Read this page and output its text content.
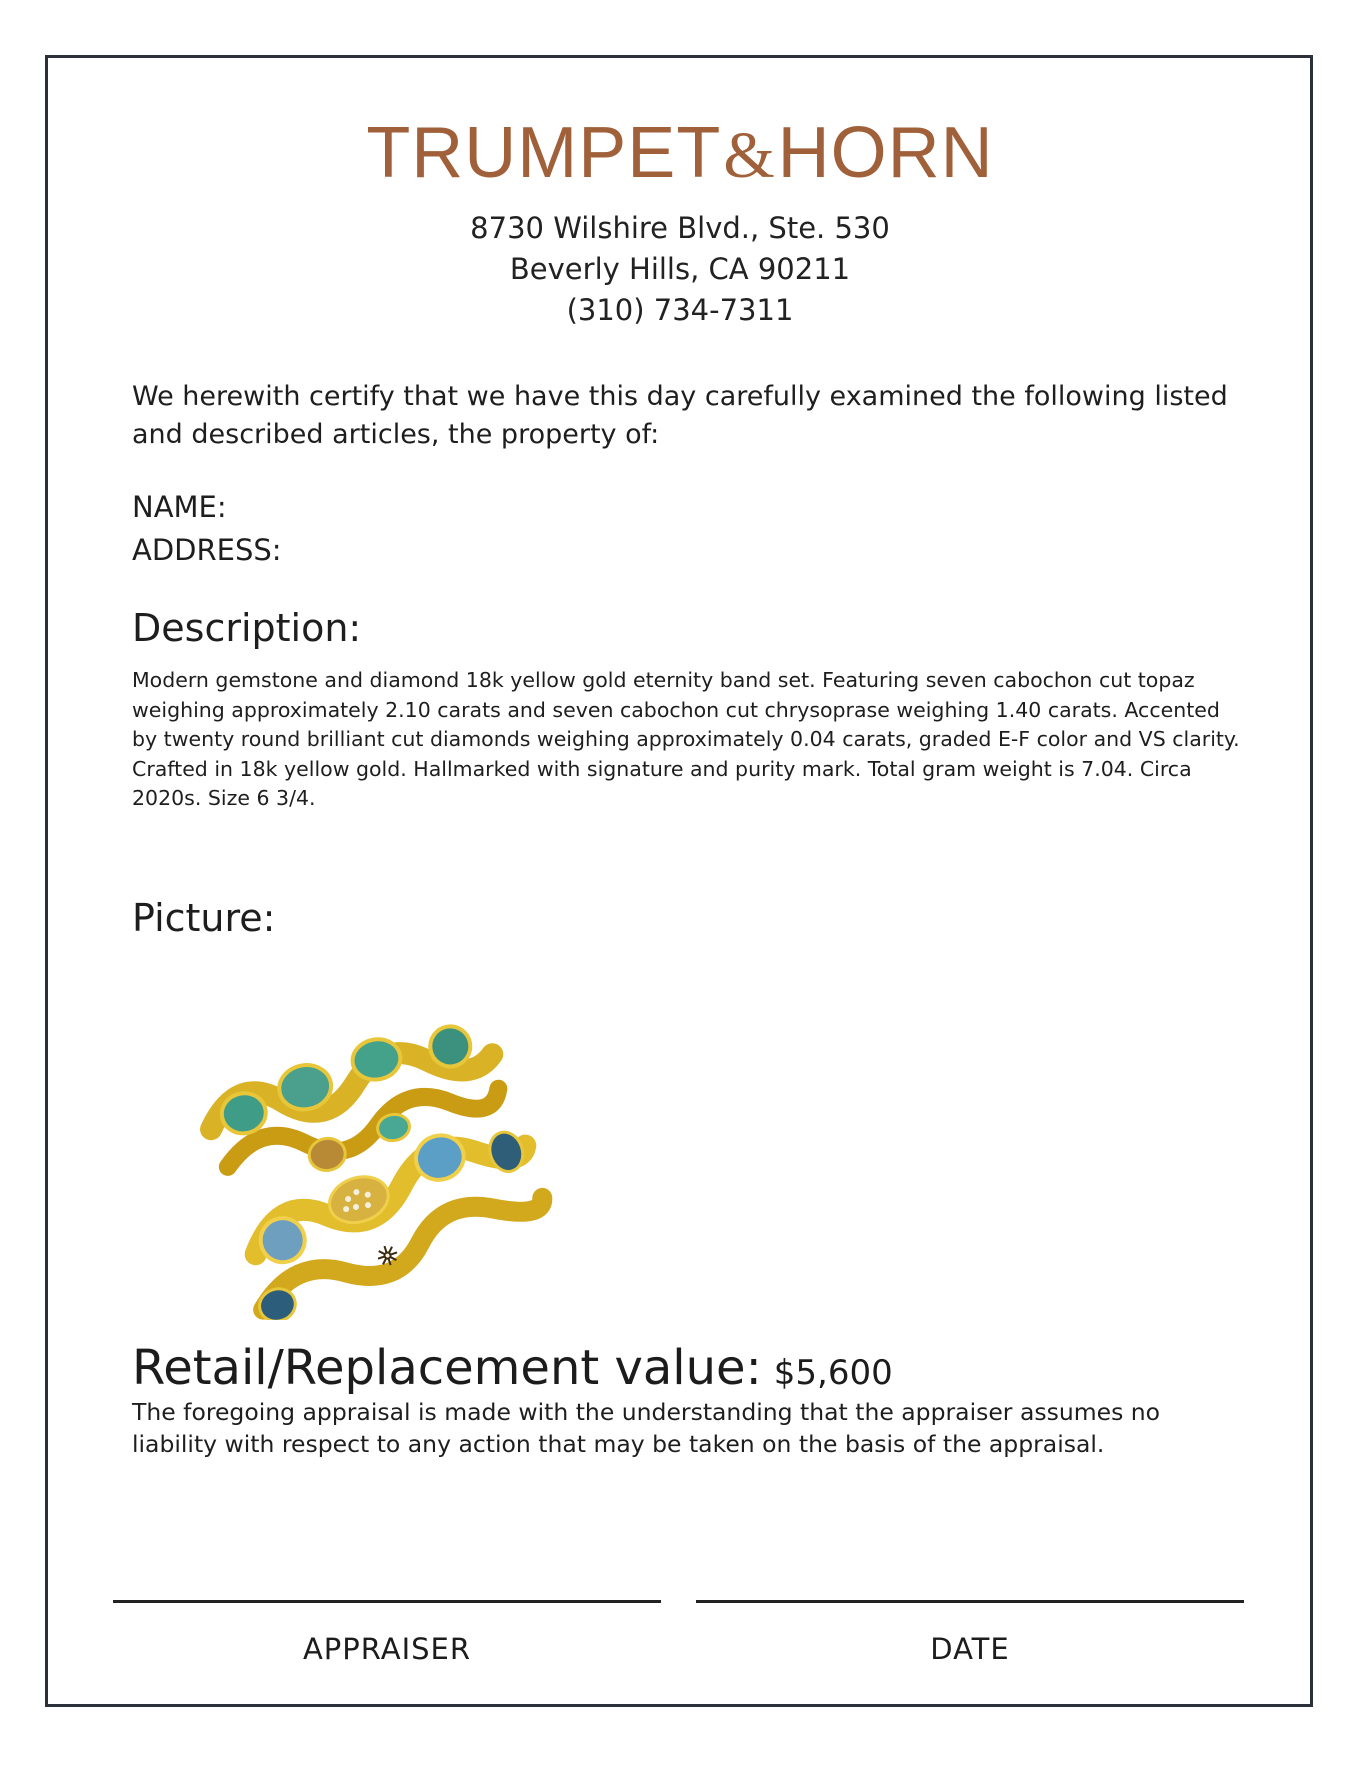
TRUMPET&HORN
8730 Wilshire Blvd., Ste. 530
Beverly Hills, CA 90211
(310) 734-7311
We herewith certify that we have this day carefully examined the following listed and described articles, the property of:
NAME:
ADDRESS:
Description:
Modern gemstone and diamond 18k yellow gold eternity band set. Featuring seven cabochon cut topaz weighing approximately 2.10 carats and seven cabochon cut chrysoprase weighing 1.40 carats. Accented by twenty round brilliant cut diamonds weighing approximately 0.04 carats, graded E-F color and VS clarity. Crafted in 18k yellow gold. Hallmarked with signature and purity mark. Total gram weight is 7.04. Circa 2020s. Size 6 3/4.
Picture:
Retail/Replacement value: $5,600
The foregoing appraisal is made with the understanding that the appraiser assumes no liability with respect to any action that may be taken on the basis of the appraisal.
APPRAISER	DATE
